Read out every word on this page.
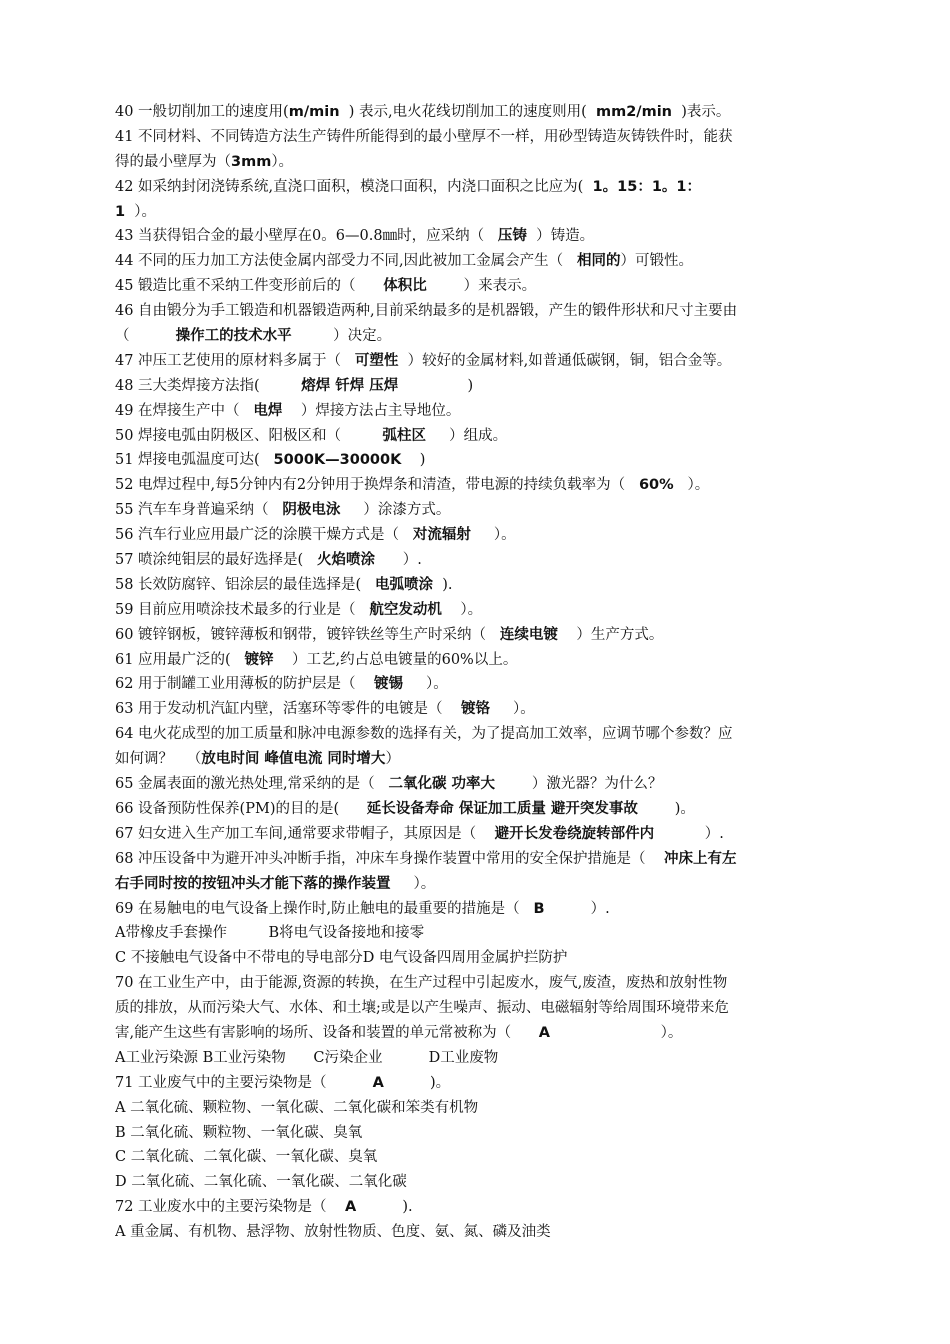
40 一般切削加工的速度用(m/min  ) 表示,电火花线切削加工的速度则用(  mm2/min  )表示。
41 不同材料、不同铸造方法生产铸件所能得到的最小壁厚不一样，用砂型铸造灰铸铁件时，能获
得的最小壁厚为（3mm）。
42 如采纳封闭浇铸系统,直浇口面积，模浇口面积，内浇口面积之比应为(  1。15：1。1：
1  ）。
43 当获得铝合金的最小壁厚在0。6—0.8㎜时，应采纳（   压铸  ）铸造。
44 不同的压力加工方法使金属内部受力不同,因此被加工金属会产生（   相同的）可锻性。
45 锻造比重不采纳工件变形前后的（      体积比        ）来表示。
46 自由锻分为手工锻造和机器锻造两种,目前采纳最多的是机器锻，产生的锻件形状和尺寸主要由
（          操作工的技术水平         ）决定。
47 冲压工艺使用的原材料多属于（   可塑性  ）较好的金属材料,如普通低碳钢，铜，铝合金等。
48 三大类焊接方法指(         熔焊 钎焊 压焊               )
49 在焊接生产中（   电焊    ）焊接方法占主导地位。
50 焊接电弧由阴极区、阳极区和（         弧柱区     ）组成。
51 焊接电弧温度可达(   5000K—30000K    )
52 电焊过程中,每5分钟内有2分钟用于换焊条和清渣，带电源的持续负载率为（   60%   ）。
55 汽车车身普遍采纳（   阴极电泳     ）涂漆方式。
56 汽车行业应用最广泛的涂膜干燥方式是（   对流辐射     ）。
57 喷涂纯钼层的最好选择是(   火焰喷涂      ）.
58 长效防腐锌、铝涂层的最佳选择是(   电弧喷涂  ).
59 目前应用喷涂技术最多的行业是（   航空发动机    ）。
60 镀锌钢板，镀锌薄板和钢带，镀锌铁丝等生产时采纳（   连续电镀    ）生产方式。
61 应用最广泛的(   镀锌    ）工艺,约占总电镀量的60%以上。
62 用于制罐工业用薄板的防护层是（    镀锡     ）。
63 用于发动机汽缸内壁，活塞环等零件的电镀是（    镀铬     ）。
64 电火花成型的加工质量和脉冲电源参数的选择有关，为了提高加工效率，应调节哪个参数？应
如何调？   （放电时间 峰值电流 同时增大）
65 金属表面的激光热处理,常采纳的是（   二氧化碳 功率大        ）激光器？为什么？
66 设备预防性保养(PM)的目的是(      延长设备寿命 保证加工质量 避开突发事故        )。
67 妇女进入生产加工车间,通常要求带帽子，其原因是（    避开长发卷绕旋转部件内           ）.
68 冲压设备中为避开冲头冲断手指，冲床车身操作装置中常用的安全保护措施是（    冲床上有左
右手同时按的按钮冲头才能下落的操作装置     ）。
69 在易触电的电气设备上操作时,防止触电的最重要的措施是（   B          ）.
A带橡皮手套操作         B将电气设备接地和接零
C 不接触电气设备中不带电的导电部分D 电气设备四周用金属护拦防护
70 在工业生产中，由于能源,资源的转换，在生产过程中引起废水，废气,废渣，废热和放射性物
质的排放，从而污染大气、水体、和土壤;或是以产生噪声、振动、电磁辐射等给周围环境带来危
害,能产生这些有害影响的场所、设备和装置的单元常被称为（      A                        ）。
A工业污染源 B工业污染物      C污染企业          D工业废物
71 工业废气中的主要污染物是（          A          )。
A 二氧化硫、颗粒物、一氧化碳、二氧化碳和笨类有机物
B 二氧化硫、颗粒物、一氧化碳、臭氧
C 二氧化硫、二氧化碳、一氧化碳、臭氧
D 二氧化硫、二氧化硫、一氧化碳、二氧化碳
72 工业废水中的主要污染物是（    A          ).
A 重金属、有机物、悬浮物、放射性物质、色度、氨、氮、磷及油类
